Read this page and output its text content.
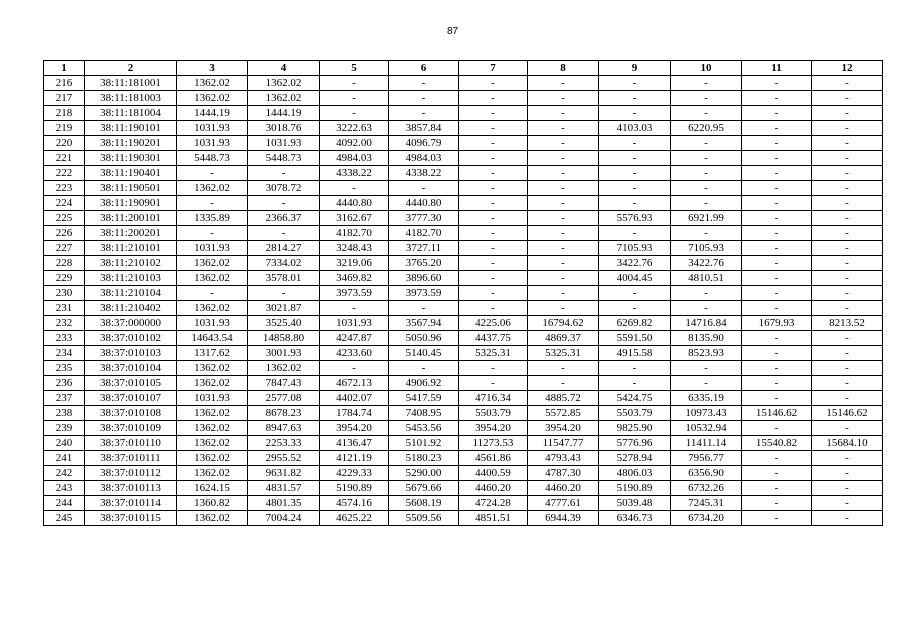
87
1	2	3	4	5	6	7	8	9	10	11	12
216	38:11:181001	1362.02	1362.02	-	-	-	-	-	-	-	-
217	38:11:181003	1362.02	1362.02	-	-	-	-	-	-	-	-
218	38:11:181004	1444.19	1444.19	-	-	-	-	-	-	-	-
219	38:11:190101	1031.93	3018.76	3222.63	3857.84	-	-	4103.03	6220.95	-	-
220	38:11:190201	1031.93	1031.93	4092.00	4096.79	-	-	-	-	-	-
221	38:11:190301	5448.73	5448.73	4984.03	4984.03	-	-	-	-	-	-
222	38:11:190401	-	-	4338.22	4338.22	-	-	-	-	-	-
223	38:11:190501	1362.02	3078.72	-	-	-	-	-	-	-	-
224	38:11:190901	-	-	4440.80	4440.80	-	-	-	-	-	-
225	38:11:200101	1335.89	2366.37	3162.67	3777.30	-	-	5576.93	6921.99	-	-
226	38:11:200201	-	-	4182.70	4182.70	-	-	-	-	-	-
227	38:11:210101	1031.93	2814.27	3248.43	3727.11	-	-	7105.93	7105.93	-	-
228	38:11:210102	1362.02	7334.02	3219.06	3765.20	-	-	3422.76	3422.76	-	-
229	38:11:210103	1362.02	3578.01	3469.82	3896.60	-	-	4004.45	4810.51	-	-
230	38:11:210104	-	-	3973.59	3973.59	-	-	-	-	-	-
231	38:11:210402	1362.02	3021.87	-	-	-	-	-	-	-	-
232	38:37:000000	1031.93	3525.40	1031.93	3567.94	4225.06	16794.62	6269.82	14716.84	1679.93	8213.52
233	38:37:010102	14643.54	14858.80	4247.87	5050.96	4437.75	4869.37	5591.50	8135.90	-	-
234	38:37:010103	1317.62	3001.93	4233.60	5140.45	5325.31	5325.31	4915.58	8523.93	-	-
235	38:37:010104	1362.02	1362.02	-	-	-	-	-	-	-	-
236	38:37:010105	1362.02	7847.43	4672.13	4906.92	-	-	-	-	-	-
237	38:37:010107	1031.93	2577.08	4402.07	5417.59	4716.34	4885.72	5424.75	6335.19	-	-
238	38:37:010108	1362.02	8678.23	1784.74	7408.95	5503.79	5572.85	5503.79	10973.43	15146.62	15146.62
239	38:37:010109	1362.02	8947.63	3954.20	5453.56	3954.20	3954.20	9825.90	10532.94	-	-
240	38:37:010110	1362.02	2253.33	4136.47	5101.92	11273.53	11547.77	5776.96	11411.14	15540.82	15684.10
241	38:37:010111	1362.02	2955.52	4121.19	5180.23	4561.86	4793.43	5278.94	7956.77	-	-
242	38:37:010112	1362.02	9631.82	4229.33	5290.00	4400.59	4787.30	4806.03	6356.90	-	-
243	38:37:010113	1624.15	4831.57	5190.89	5679.66	4460.20	4460.20	5190.89	6732.26	-	-
244	38:37:010114	1360.82	4801.35	4574.16	5608.19	4724.28	4777.61	5039.48	7245.31	-	-
245	38:37:010115	1362.02	7004.24	4625.22	5509.56	4851.51	6944.39	6346.73	6734.20	-	-
